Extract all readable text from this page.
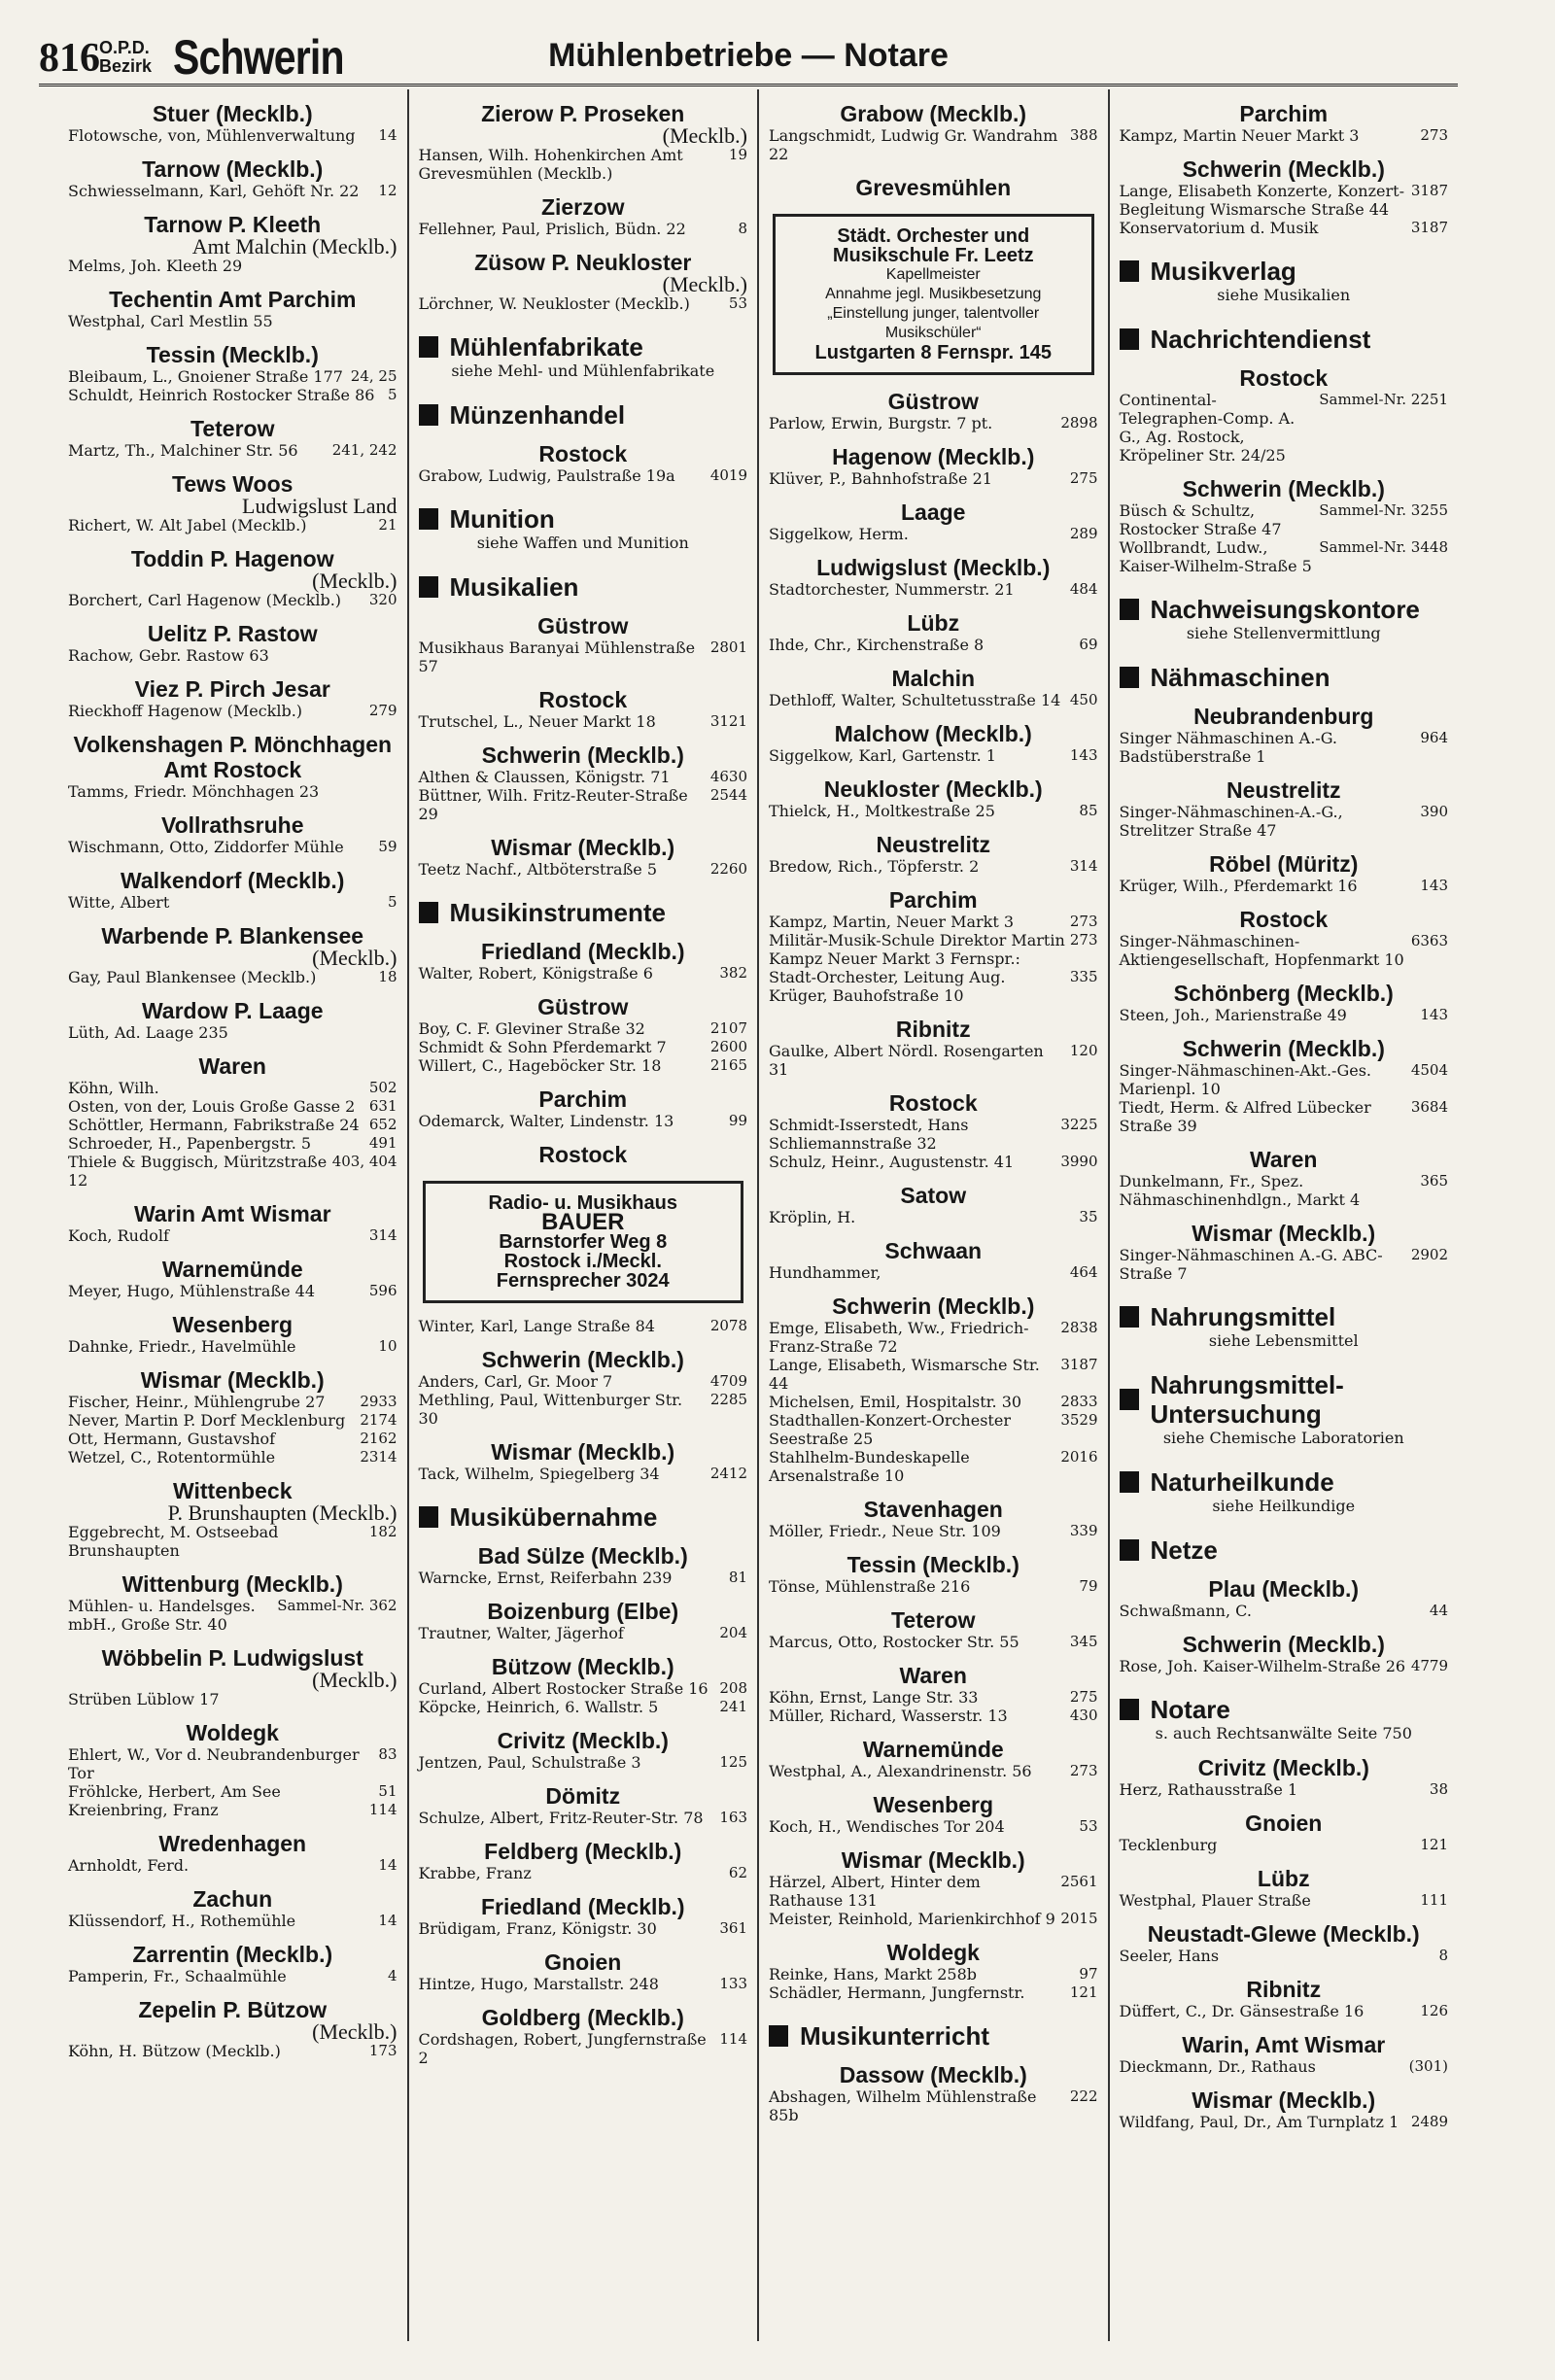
816 O.P.D.
Bezirk Schwerin	Mühlenbetriebe — Notare
Stuer (Mecklb.)
Flotowsche, von, Mühlenverwaltung	14
Tarnow (Mecklb.)
Schwiesselmann, Karl, Gehöft Nr. 22	12
Tarnow P. Kleeth
Amt Malchin (Mecklb.)
Melms, Joh. Kleeth 29
Techentin Amt Parchim
Westphal, Carl Mestlin 55
Tessin (Mecklb.)
Bleibaum, L., Gnoiener Straße 177 24, 25
Schuldt, Heinrich Rostocker Straße 86 5
Teterow
Martz, Th., Malchiner Str. 56	241, 242
Tews Woos
Ludwigslust Land
Richert, W. Alt Jabel (Mecklb.)	21
Toddin P. Hagenow
(Mecklb.)
Borchert, Carl Hagenow (Mecklb.)	320
Uelitz P. Rastow
Rachow, Gebr. Rastow 63
Viez P. Pirch Jesar
Rieckhoff Hagenow (Mecklb.)	279
Volkenshagen P. Mönchhagen Amt Rostock
Tamms, Friedr. Mönchhagen 23
Vollrathsruhe
Wischmann, Otto, Ziddorfer Mühle	59
Walkendorf (Mecklb.)
Witte, Albert	5
Warbende P. Blankensee
(Mecklb.)
Gay, Paul Blankensee (Mecklb.)	18
Wardow P. Laage
Lüth, Ad. Laage 235
Waren
Köhn, Wilh.	502
Osten, von der, Louis Große Gasse 2 631
Schöttler, Hermann, Fabrikstraße 24 652
Schroeder, H., Papenbergstr. 5	491
Thiele & Buggisch, Müritzstraße 12
403, 404
Warin Amt Wismar
Koch, Rudolf	314
Warnemünde
Meyer, Hugo, Mühlenstraße 44	596
Wesenberg
Dahnke, Friedr., Havelmühle	10
Wismar (Mecklb.)
Fischer, Heinr., Mühlengrube 27	2933
Never, Martin P. Dorf Mecklenburg	2174
Ott, Hermann, Gustavshof	2162
Wetzel, C., Rotentormühle	2314
Wittenbeck
P. Brunshaupten (Mecklb.)
Eggebrecht, M. Ostseebad Brunshaupten
182
Wittenburg (Mecklb.)
Mühlen- u. Handelsges. mbH., Große Str. 40
Sammel-Nr. 362
Wöbbelin P. Ludwigslust
(Mecklb.)
Strüben Lüblow 17
Woldegk
Ehlert, W., Vor d. Neubrandenburger Tor
83
Fröhlcke, Herbert, Am See	51
Kreienbring, Franz	114
Wredenhagen
Arnholdt, Ferd.	14
Zachun
Klüssendorf, H., Rothemühle	14
Zarrentin (Mecklb.)
Pamperin, Fr., Schaalmühle	4
Zepelin P. Bützow
(Mecklb.)
Köhn, H. Bützow (Mecklb.)	173
Zierow P. Proseken
(Mecklb.)
Hansen, Wilh. Hohenkirchen Amt Grevesmühlen (Mecklb.)
19
Zierzow
Fellehner, Paul, Prislich, Büdn. 22	8
Züsow P. Neukloster
(Mecklb.)
Lörchner, W. Neukloster (Mecklb.)	53
Mühlenfabrikate
siehe Mehl- und Mühlenfabrikate
Münzenhandel
Rostock
Grabow, Ludwig, Paulstraße 19a	4019
Munition
siehe Waffen und Munition
Musikalien
Güstrow
Musikhaus Baranyai Mühlenstraße 57
2801
Rostock
Trutschel, L., Neuer Markt 18	3121
Schwerin (Mecklb.)
Althen & Claussen, Königstr. 71	4630
Büttner, Wilh. Fritz-Reuter-Straße 29
2544
Wismar (Mecklb.)
Teetz Nachf., Altböterstraße 5	2260
Musikinstrumente
Friedland (Mecklb.)
Walter, Robert, Königstraße 6	382
Güstrow
Boy, C. F. Gleviner Straße 32	2107
Schmidt & Sohn Pferdemarkt 7	2600
Willert, C., Hageböcker Str. 18	2165
Parchim
Odemarck, Walter, Lindenstr. 13	99
Rostock
Radio- u. Musikhaus
BAUER
Barnstorfer Weg 8
Rostock i./Meckl.
Fernsprecher 3024
Winter, Karl, Lange Straße 84	2078
Schwerin (Mecklb.)
Anders, Carl, Gr. Moor 7	4709
Methling, Paul, Wittenburger Str. 30
2285
Wismar (Mecklb.)
Tack, Wilhelm, Spiegelberg 34	2412
Musikübernahme
Bad Sülze (Mecklb.)
Warncke, Ernst, Reiferbahn 239	81
Boizenburg (Elbe)
Trautner, Walter, Jägerhof	204
Bützow (Mecklb.)
Curland, Albert Rostocker Straße 16 208
Köpcke, Heinrich, 6. Wallstr. 5	241
Crivitz (Mecklb.)
Jentzen, Paul, Schulstraße 3	125
Dömitz
Schulze, Albert, Fritz-Reuter-Str. 78	163
Feldberg (Mecklb.)
Krabbe, Franz	62
Friedland (Mecklb.)
Brüdigam, Franz, Königstr. 30	361
Gnoien
Hintze, Hugo, Marstallstr. 248	133
Goldberg (Mecklb.)
Cordshagen, Robert, Jungfernstraße 2
114
Grabow (Mecklb.)
Langschmidt, Ludwig Gr. Wandrahm 22
388
Grevesmühlen
Städt. Orchester und
Musikschule Fr. Leetz
Kapellmeister
Annahme jegl. Musikbesetzung „Einstellung junger, talentvoller Musikschüler“
Lustgarten 8 Fernspr. 145
Güstrow
Parlow, Erwin, Burgstr. 7 pt.	2898
Hagenow (Mecklb.)
Klüver, P., Bahnhofstraße 21	275
Laage
Siggelkow, Herm.	289
Ludwigslust (Mecklb.)
Stadtorchester, Nummerstr. 21	484
Lübz
Ihde, Chr., Kirchenstraße 8	69
Malchin
Dethloff, Walter, Schultetusstraße 14 450
Malchow (Mecklb.)
Siggelkow, Karl, Gartenstr. 1	143
Neukloster (Mecklb.)
Thielck, H., Moltkestraße 25	85
Neustrelitz
Bredow, Rich., Töpferstr. 2	314
Parchim
Kampz, Martin, Neuer Markt 3	273
Militär-Musik-Schule Direktor Martin Kampz Neuer Markt 3 Fernspr.:
273
Stadt-Orchester, Leitung Aug. Krüger, Bauhofstraße 10
335
Ribnitz
Gaulke, Albert Nördl. Rosengarten 31
120
Rostock
Schmidt-Isserstedt, Hans Schliemannstraße 32
3225
Schulz, Heinr., Augustenstr. 41	3990
Satow
Kröplin, H.	35
Schwaan
Hundhammer,	464
Schwerin (Mecklb.)
Emge, Elisabeth, Ww., Friedrich-Franz-Straße 72
2838
Lange, Elisabeth, Wismarsche Str. 44
3187
Michelsen, Emil, Hospitalstr. 30	2833
Stadthallen-Konzert-Orchester Seestraße 25
3529
Stahlhelm-Bundeskapelle Arsenalstraße 10
2016
Stavenhagen
Möller, Friedr., Neue Str. 109	339
Tessin (Mecklb.)
Tönse, Mühlenstraße 216	79
Teterow
Marcus, Otto, Rostocker Str. 55	345
Waren
Köhn, Ernst, Lange Str. 33	275
Müller, Richard, Wasserstr. 13	430
Warnemünde
Westphal, A., Alexandrinenstr. 56	273
Wesenberg
Koch, H., Wendisches Tor 204	53
Wismar (Mecklb.)
Härzel, Albert, Hinter dem Rathause 131
2561
Meister, Reinhold, Marienkirchhof 9 2015
Woldegk
Reinke, Hans, Markt 258b	97
Schädler, Hermann, Jungfernstr.	121
Musikunterricht
Dassow (Mecklb.)
Abshagen, Wilhelm Mühlenstraße 85b
222
Parchim
Kampz, Martin Neuer Markt 3	273
Schwerin (Mecklb.)
Lange, Elisabeth Konzerte, Konzert-Begleitung Wismarsche Straße 44
3187
Konservatorium d. Musik	3187
Musikverlag
siehe Musikalien
Nachrichtendienst
Rostock
Continental-Telegraphen-Comp. A. G., Ag. Rostock, Kröpeliner Str. 24/25
Sammel-Nr. 2251
Schwerin (Mecklb.)
Büsch & Schultz, Rostocker Straße 47
Sammel-Nr. 3255
Wollbrandt, Ludw., Kaiser-Wilhelm-Straße 5
Sammel-Nr. 3448
Nachweisungskontore
siehe Stellenvermittlung
Nähmaschinen
Neubrandenburg
Singer Nähmaschinen A.-G. Badstüberstraße 1
964
Neustrelitz
Singer-Nähmaschinen-A.-G., Strelitzer Straße 47
390
Röbel (Müritz)
Krüger, Wilh., Pferdemarkt 16	143
Rostock
Singer-Nähmaschinen-Aktiengesellschaft, Hopfenmarkt 10
6363
Schönberg (Mecklb.)
Steen, Joh., Marienstraße 49	143
Schwerin (Mecklb.)
Singer-Nähmaschinen-Akt.-Ges. Marienpl. 10
4504
Tiedt, Herm. & Alfred Lübecker Straße 39
3684
Waren
Dunkelmann, Fr., Spez. Nähmaschinenhdlgn., Markt 4
365
Wismar (Mecklb.)
Singer-Nähmaschinen A.-G. ABC-Straße 7
2902
Nahrungsmittel
siehe Lebensmittel
Nahrungsmittel-Untersuchung
siehe Chemische Laboratorien
Naturheilkunde
siehe Heilkundige
Netze
Plau (Mecklb.)
Schwaßmann, C.	44
Schwerin (Mecklb.)
Rose, Joh. Kaiser-Wilhelm-Straße 26 4779
Notare
s. auch Rechtsanwälte Seite 750
Crivitz (Mecklb.)
Herz, Rathausstraße 1	38
Gnoien
Tecklenburg	121
Lübz
Westphal, Plauer Straße	111
Neustadt-Glewe (Mecklb.)
Seeler, Hans	8
Ribnitz
Düffert, C., Dr. Gänsestraße 16	126
Warin, Amt Wismar
Dieckmann, Dr., Rathaus	(301)
Wismar (Mecklb.)
Wildfang, Paul, Dr., Am Turnplatz 1 2489
